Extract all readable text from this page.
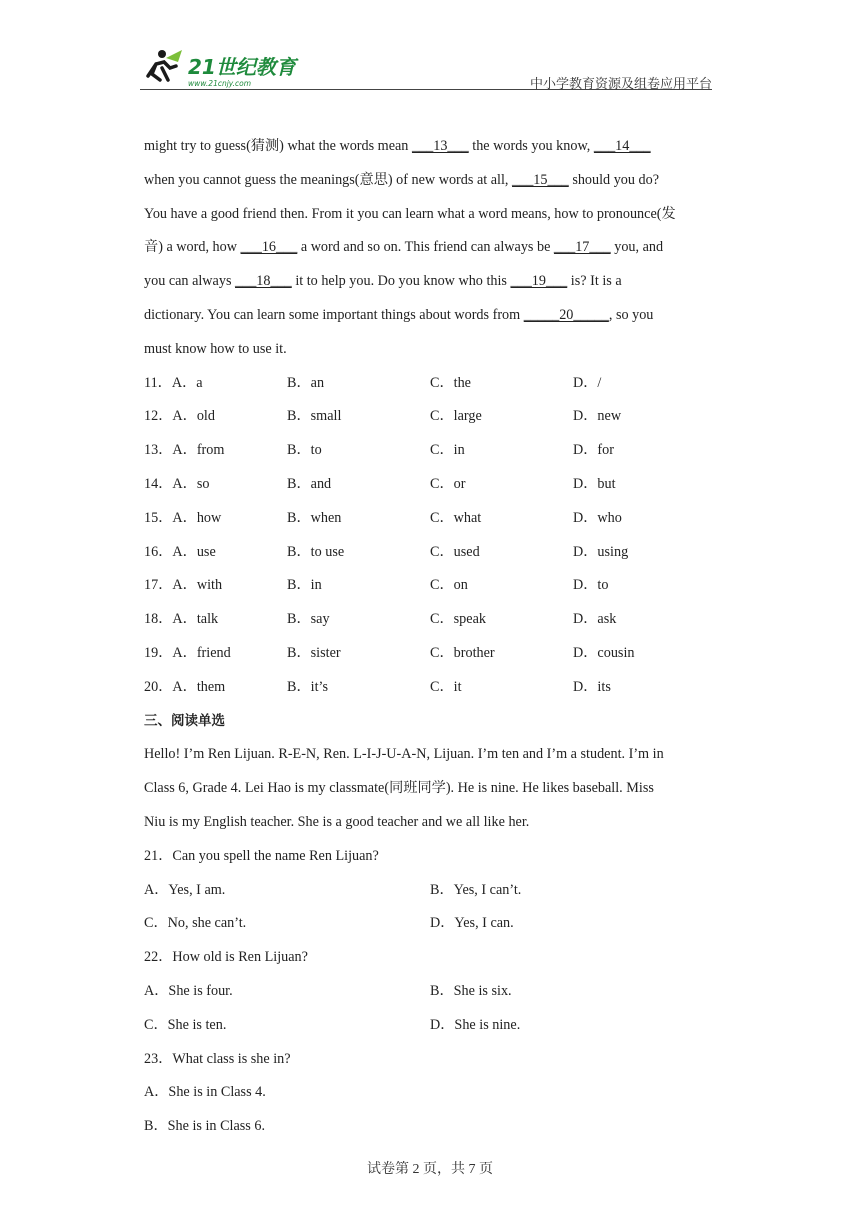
21世纪教育
www.21cnjy.com	中小学教育资源及组卷应用平台
might try to guess(猜测) what the words mean ___13___ the words you know, ___14___
when you cannot guess the meanings(意思) of new words at all, ___15___ should you do?
You have a good friend then. From it you can learn what a word means, how to pronounce(发
音) a word, how ___16___ a word and so on. This friend can always be ___17___ you, and
you can always ___18___ it to help you. Do you know who this ___19___ is? It is a
dictionary. You can learn some important things about words from _____20_____, so you
must know how to use it.
11．A．a	B．an	C．the	D．/
12．A．old	B．small	C．large	D．new
13．A．from	B．to	C．in	D．for
14．A．so	B．and	C．or	D．but
15．A．how	B．when	C．what	D．who
16．A．use	B．to use	C．used	D．using
17．A．with	B．in	C．on	D．to
18．A．talk	B．say	C．speak	D．ask
19．A．friend	B．sister	C．brother	D．cousin
20．A．them	B．it’s	C．it	D．its
三、阅读单选
Hello! I’m Ren Lijuan. R-E-N, Ren. L-I-J-U-A-N, Lijuan. I’m ten and I’m a student. I’m in
Class 6, Grade 4. Lei Hao is my classmate(同班同学). He is nine. He likes baseball. Miss
Niu is my English teacher. She is a good teacher and we all like her.
21．Can you spell the name Ren Lijuan?
A．Yes, I am.	B．Yes, I can’t.
C．No, she can’t.	D．Yes, I can.
22．How old is Ren Lijuan?
A．She is four.	B．She is six.
C．She is ten.	D．She is nine.
23．What class is she in?
A．She is in Class 4.
B．She is in Class 6.
试卷第 2 页，共 7 页
